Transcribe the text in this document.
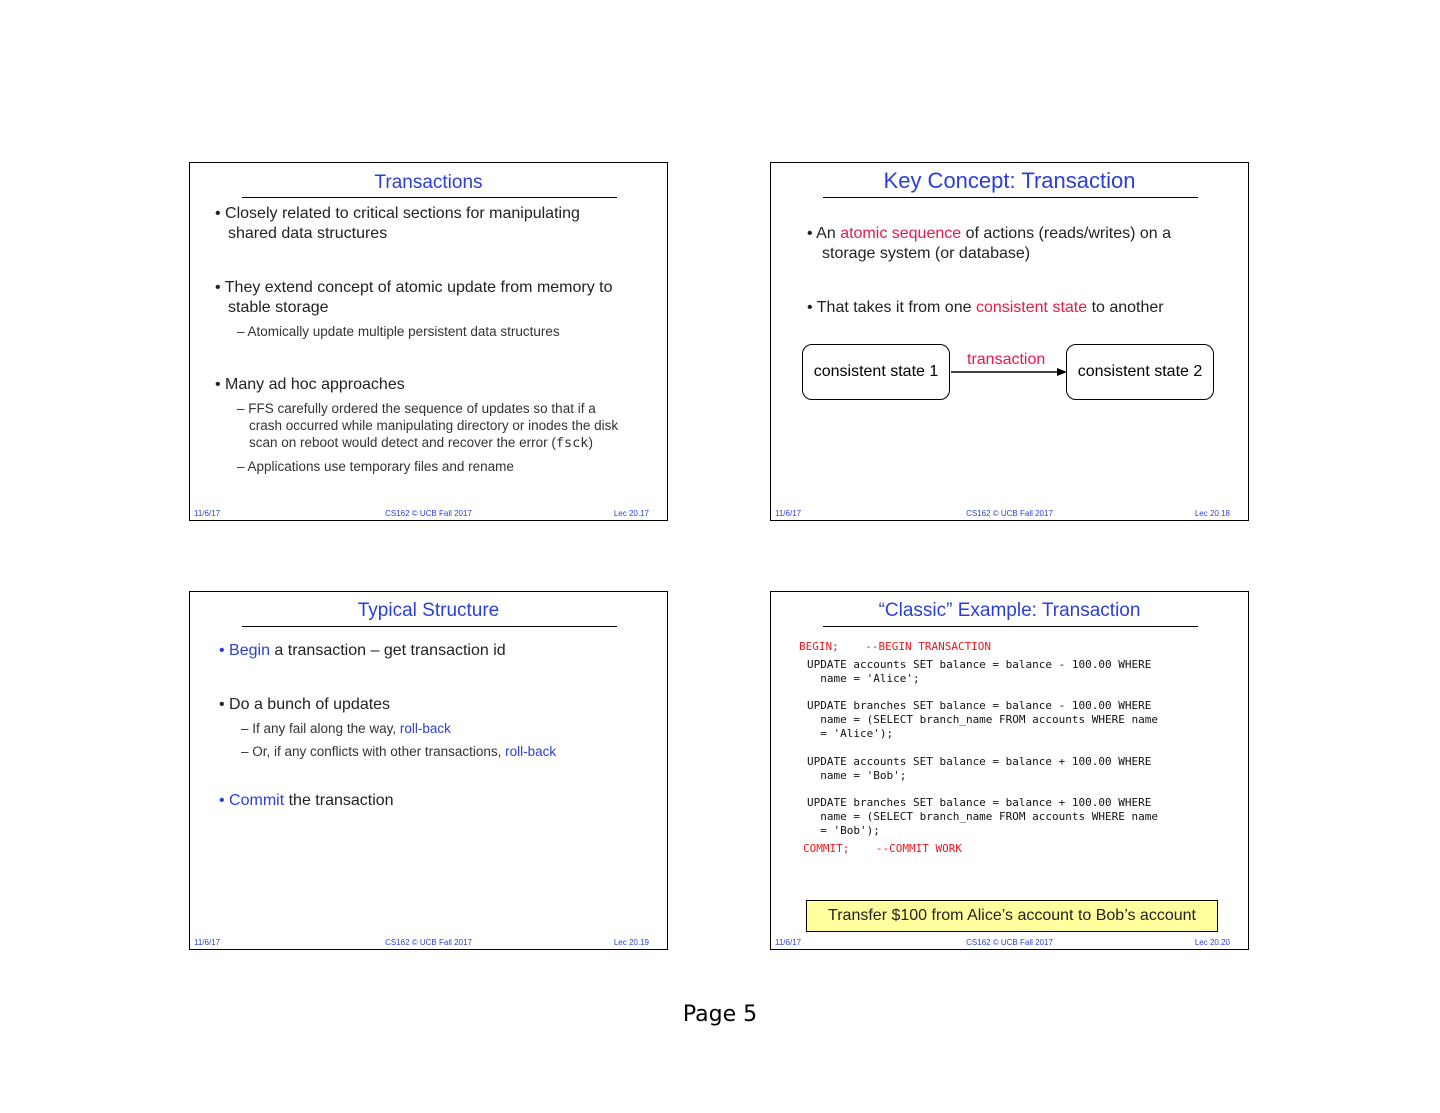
Transactions
• Closely related to critical sections for manipulating
shared data structures
• They extend concept of atomic update from memory to
stable storage
– Atomically update multiple persistent data structures
• Many ad hoc approaches
– FFS carefully ordered the sequence of updates so that if a
crash occurred while manipulating directory or inodes the disk
scan on reboot would detect and recover the error (fsck)
– Applications use temporary files and rename
11/6/17	CS162 © UCB Fall 2017	Lec 20.17
Key Concept: Transaction
• An atomic sequence of actions (reads/writes) on a
storage system (or database)
• That takes it from one consistent state to another
consistent state 1	consistent state 2
transaction
11/6/17	CS162 © UCB Fall 2017	Lec 20.18
Typical Structure
• Begin a transaction – get transaction id
• Do a bunch of updates
– If any fail along the way, roll-back
– Or, if any conflicts with other transactions, roll-back
• Commit the transaction
11/6/17	CS162 © UCB Fall 2017	Lec 20.19
“Classic” Example: Transaction
BEGIN;    --BEGIN TRANSACTION
UPDATE accounts SET balance = balance - 100.00 WHERE
name = 'Alice';
UPDATE branches SET balance = balance - 100.00 WHERE
name = (SELECT branch_name FROM accounts WHERE name
= 'Alice');
UPDATE accounts SET balance = balance + 100.00 WHERE
name = 'Bob';
UPDATE branches SET balance = balance + 100.00 WHERE
name = (SELECT branch_name FROM accounts WHERE name
= 'Bob');
COMMIT;    --COMMIT WORK
Transfer $100 from Alice’s account to Bob’s account
11/6/17	CS162 © UCB Fall 2017	Lec 20.20
Page 5
